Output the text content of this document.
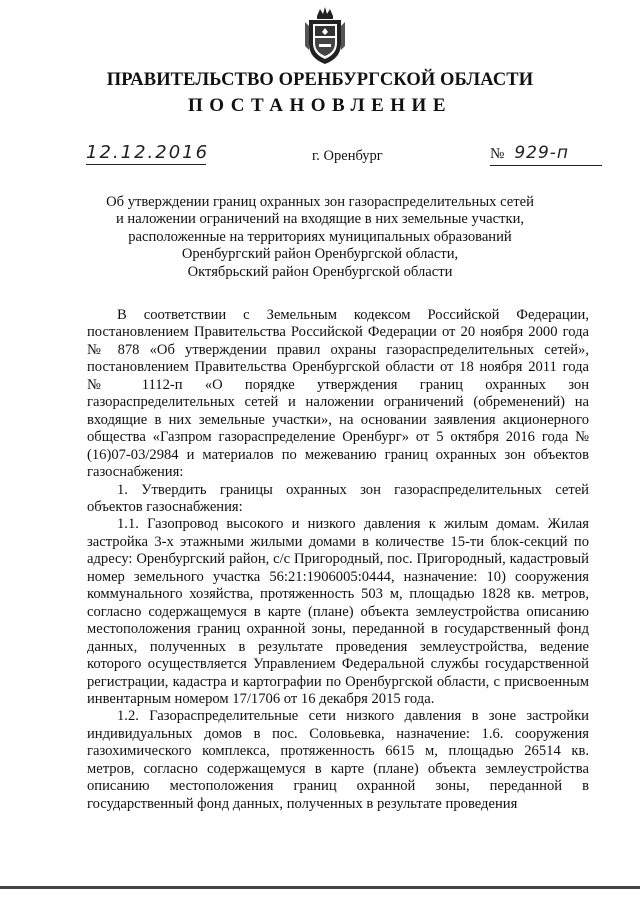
ПРАВИТЕЛЬСТВО ОРЕНБУРГСКОЙ ОБЛАСТИ
ПОСТАНОВЛЕНИЕ
12.12.2016	г. Оренбург	№ 929-п
Об утверждении границ охранных зон газораспределительных сетей
и наложении ограничений на входящие в них земельные участки,
расположенные на территориях муниципальных образований
Оренбургский район Оренбургской области,
Октябрьский район Оренбургской области

В соответствии с Земельным кодексом Российской Федерации, постановлением Правительства Российской Федерации от 20 ноября 2000 года № 878 «Об утверждении правил охраны газораспределительных сетей», постановлением Правительства Оренбургской области от 18 ноября 2011 года № 1112-п «О порядке утверждения границ охранных зон газораспределительных сетей и наложении ограничений (обременений) на входящие в них земельные участки», на основании заявления акционерного общества «Газпром газораспределение Оренбург» от 5 октября 2016 года № (16)07-03/2984 и материалов по межеванию границ охранных зон объектов газоснабжения:

1. Утвердить границы охранных зон газораспределительных сетей объектов газоснабжения:

1.1. Газопровод высокого и низкого давления к жилым домам. Жилая застройка 3-х этажными жилыми домами в количестве 15-ти блок-секций по адресу: Оренбургский район, с/с Пригородный, пос. Пригородный, кадастровый номер земельного участка 56:21:1906005:0444, назначение: 10) сооружения коммунального хозяйства, протяженность 503 м, площадью 1828 кв. метров, согласно содержащемуся в карте (плане) объекта землеустройства описанию местоположения границ охранной зоны, переданной в государственный фонд данных, полученных в результате проведения землеустройства, ведение которого осуществляется Управлением Федеральной службы государственной регистрации, кадастра и картографии по Оренбургской области, с присвоенным инвентарным номером 17/1706 от 16 декабря 2015 года.

1.2. Газораспределительные сети низкого давления в зоне застройки индивидуальных домов в пос. Соловьевка, назначение: 1.6. сооружения газохимического комплекса, протяженность 6615 м, площадью 26514 кв. метров, согласно содержащемуся в карте (плане) объекта землеустройства описанию местоположения границ охранной зоны, переданной в государственный фонд данных, полученных в результате проведения
